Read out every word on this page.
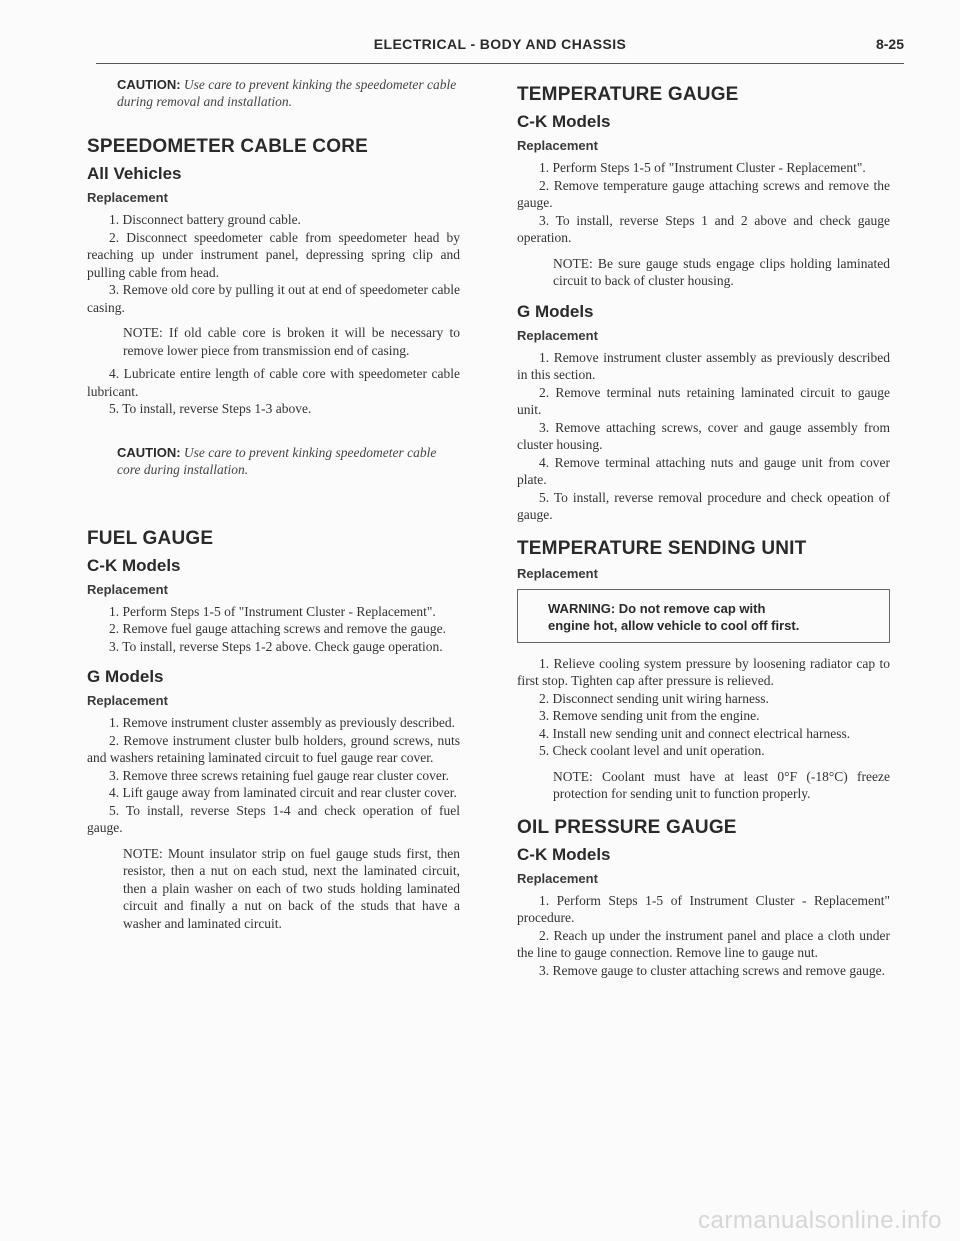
ELECTRICAL - BODY AND CHASSIS	8-25
CAUTION: Use care to prevent kinking the speedometer cable during removal and installation.
SPEEDOMETER CABLE CORE
All Vehicles
Replacement

1. Disconnect battery ground cable.

2. Disconnect speedometer cable from speedometer head by reaching up under instrument panel, depressing spring clip and pulling cable from head.

3. Remove old core by pulling it out at end of speedometer cable casing.

NOTE: If old cable core is broken it will be necessary to remove lower piece from transmission end of casing.

4. Lubricate entire length of cable core with speedometer cable lubricant.

5. To install, reverse Steps 1-3 above.

CAUTION: Use care to prevent kinking speedometer cable core during installation.
FUEL GAUGE
C-K Models
Replacement

1. Perform Steps 1-5 of "Instrument Cluster - Replacement".

2. Remove fuel gauge attaching screws and remove the gauge.

3. To install, reverse Steps 1-2 above. Check gauge operation.

G Models
Replacement

1. Remove instrument cluster assembly as previously described.

2. Remove instrument cluster bulb holders, ground screws, nuts and washers retaining laminated circuit to fuel gauge rear cover.

3. Remove three screws retaining fuel gauge rear cluster cover.

4. Lift gauge away from laminated circuit and rear cluster cover.

5. To install, reverse Steps 1-4 and check operation of fuel gauge.

NOTE: Mount insulator strip on fuel gauge studs first, then resistor, then a nut on each stud, next the laminated circuit, then a plain washer on each of two studs holding laminated circuit and finally a nut on back of the studs that have a washer and laminated circuit.

TEMPERATURE GAUGE
C-K Models
Replacement

1. Perform Steps 1-5 of "Instrument Cluster - Replacement".

2. Remove temperature gauge attaching screws and remove the gauge.

3. To install, reverse Steps 1 and 2 above and check gauge operation.

NOTE: Be sure gauge studs engage clips holding laminated circuit to back of cluster housing.

G Models
Replacement

1. Remove instrument cluster assembly as previously described in this section.

2. Remove terminal nuts retaining laminated circuit to gauge unit.

3. Remove attaching screws, cover and gauge assembly from cluster housing.

4. Remove terminal attaching nuts and gauge unit from cover plate.

5. To install, reverse removal procedure and check opeation of gauge.

TEMPERATURE SENDING UNIT
Replacement
WARNING: Do not remove cap with engine hot, allow vehicle to cool off first.

1. Relieve cooling system pressure by loosening radiator cap to first stop. Tighten cap after pressure is relieved.

2. Disconnect sending unit wiring harness.

3. Remove sending unit from the engine.

4. Install new sending unit and connect electrical harness.

5. Check coolant level and unit operation.

NOTE: Coolant must have at least 0°F (-18°C) freeze protection for sending unit to function properly.

OIL PRESSURE GAUGE
C-K Models
Replacement

1. Perform Steps 1-5 of Instrument Cluster - Replacement" procedure.

2. Reach up under the instrument panel and place a cloth under the line to gauge connection. Remove line to gauge nut.

3. Remove gauge to cluster attaching screws and remove gauge.

carmanualsonline.info
